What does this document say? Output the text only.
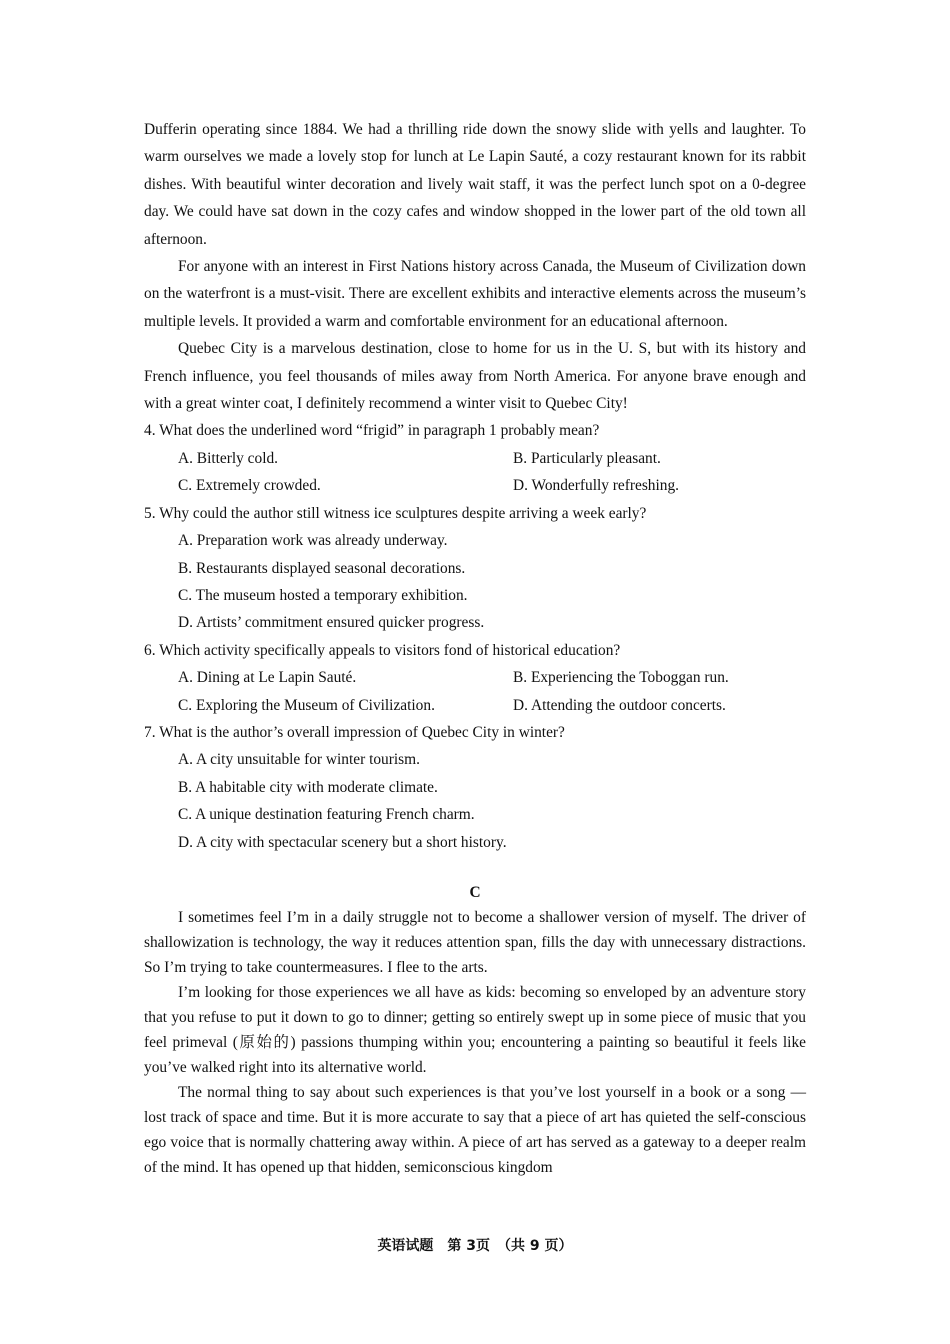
Dufferin operating since 1884. We had a thrilling ride down the snowy slide with yells and laughter. To warm ourselves we made a lovely stop for lunch at Le Lapin Sauté, a cozy restaurant known for its rabbit dishes. With beautiful winter decoration and lively wait staff, it was the perfect lunch spot on a 0-degree day. We could have sat down in the cozy cafes and window shopped in the lower part of the old town all afternoon.

For anyone with an interest in First Nations history across Canada, the Museum of Civilization down on the waterfront is a must-visit. There are excellent exhibits and interactive elements across the museum’s multiple levels. It provided a warm and comfortable environment for an educational afternoon.

Quebec City is a marvelous destination, close to home for us in the U. S, but with its history and French influence, you feel thousands of miles away from North America. For anyone brave enough and with a great winter coat, I definitely recommend a winter visit to Quebec City!

4. What does the underlined word “frigid” in paragraph 1 probably mean?
A. Bitterly cold.	B. Particularly pleasant.
C. Extremely crowded.	D. Wonderfully refreshing.
5. Why could the author still witness ice sculptures despite arriving a week early?
A. Preparation work was already underway.
B. Restaurants displayed seasonal decorations.
C. The museum hosted a temporary exhibition.
D. Artists’ commitment ensured quicker progress.
6. Which activity specifically appeals to visitors fond of historical education?
A. Dining at Le Lapin Sauté.	B. Experiencing the Toboggan run.
C. Exploring the Museum of Civilization.	D. Attending the outdoor concerts.
7. What is the author’s overall impression of Quebec City in winter?
A. A city unsuitable for winter tourism.
B. A habitable city with moderate climate.
C. A unique destination featuring French charm.
D. A city with spectacular scenery but a short history.
C

I sometimes feel I’m in a daily struggle not to become a shallower version of myself. The driver of shallowization is technology, the way it reduces attention span, fills the day with unnecessary distractions. So I’m trying to take countermeasures. I flee to the arts.

I’m looking for those experiences we all have as kids: becoming so enveloped by an adventure story that you refuse to put it down to go to dinner; getting so entirely swept up in some piece of music that you feel primeval (原始的) passions thumping within you; encountering a painting so beautiful it feels like you’ve walked right into its alternative world.

The normal thing to say about such experiences is that you’ve lost yourself in a book or a song — lost track of space and time. But it is more accurate to say that a piece of art has quieted the self-conscious ego voice that is normally chattering away within. A piece of art has served as a gateway to a deeper realm of the mind. It has opened up that hidden, semiconscious kingdom

英语试题　第 3页　（共 9 页）
